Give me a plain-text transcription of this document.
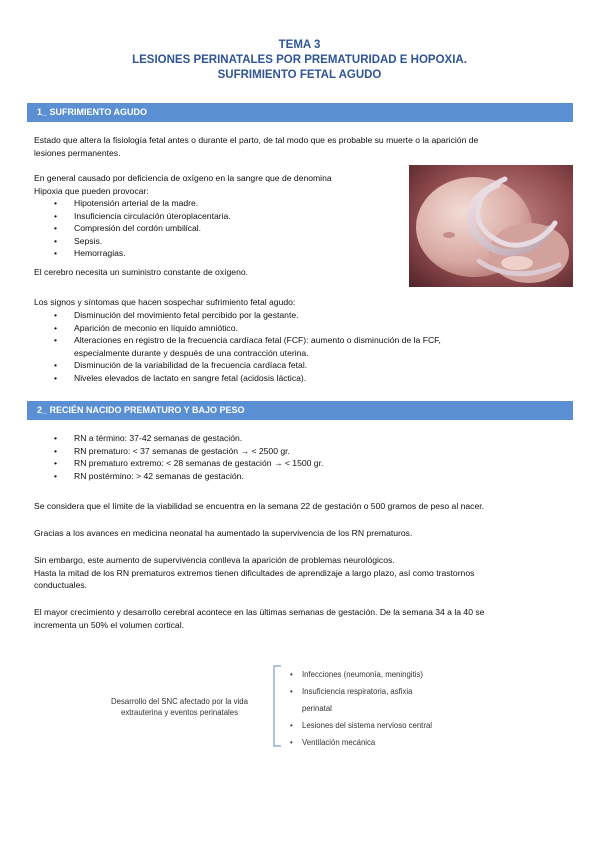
TEMA 3
LESIONES PERINATALES POR PREMATURIDAD E HOPOXIA.
SUFRIMIENTO FETAL AGUDO
1_ SUFRIMIENTO AGUDO
Estado que altera la fisiología fetal antes o durante el parto, de tal modo que es probable su muerte o la aparición de
lesiones permanentes.
En general causado por deficiencia de oxígeno en la sangre que de denomina
Hipoxia que pueden provocar:
• Hipotensión arterial de la madre.
• Insuficiencia circulación úteroplacentaria.
• Compresión del cordón umbilical.
• Sepsis.
• Hemorragias.
El cerebro necesita un suministro constante de oxígeno.
Los signos y síntomas que hacen sospechar sufrimiento fetal agudo:
• Disminución del movimiento fetal percibido por la gestante.
• Aparición de meconio en líquido amniótico.
• Alteraciones en registro de la frecuencia cardíaca fetal (FCF): aumento o disminución de la FCF,
especialmente durante y después de una contracción uterina.
• Disminución de la variabilidad de la frecuencia cardíaca fetal.
• Niveles elevados de lactato en sangre fetal (acidosis láctica).
2_ RECIÉN NACIDO PREMATURO Y BAJO PESO
• RN a término: 37-42 semanas de gestación.
• RN prematuro: < 37 semanas de gestación → < 2500 gr.
• RN prematuro extremo: < 28 semanas de gestación → < 1500 gr.
• RN postérmino: > 42 semanas de gestación.
Se considera que el límite de la viabilidad se encuentra en la semana 22 de gestación o 500 gramos de peso al nacer.
Gracias a los avances en medicina neonatal ha aumentado la supervivencia de los RN prematuros.
Sin embargo, este aumento de supervivencia conlleva la aparición de problemas neurológicos.
Hasta la mitad de los RN prematuros extremos tienen dificultades de aprendizaje a largo plazo, así como trastornos
conductuales.
El mayor crecimiento y desarrollo cerebral acontece en las últimas semanas de gestación. De la semana 34 a la 40 se
incrementa un 50% el volumen cortical.
Desarrollo del SNC afectado por la vida
extrauterina y eventos perinatales
• Infecciones (neumonía, meningitis)
• Insuficiencia respiratoria, asfixia
perinatal
• Lesiones del sistema nervioso central
• Ventilación mecánica
